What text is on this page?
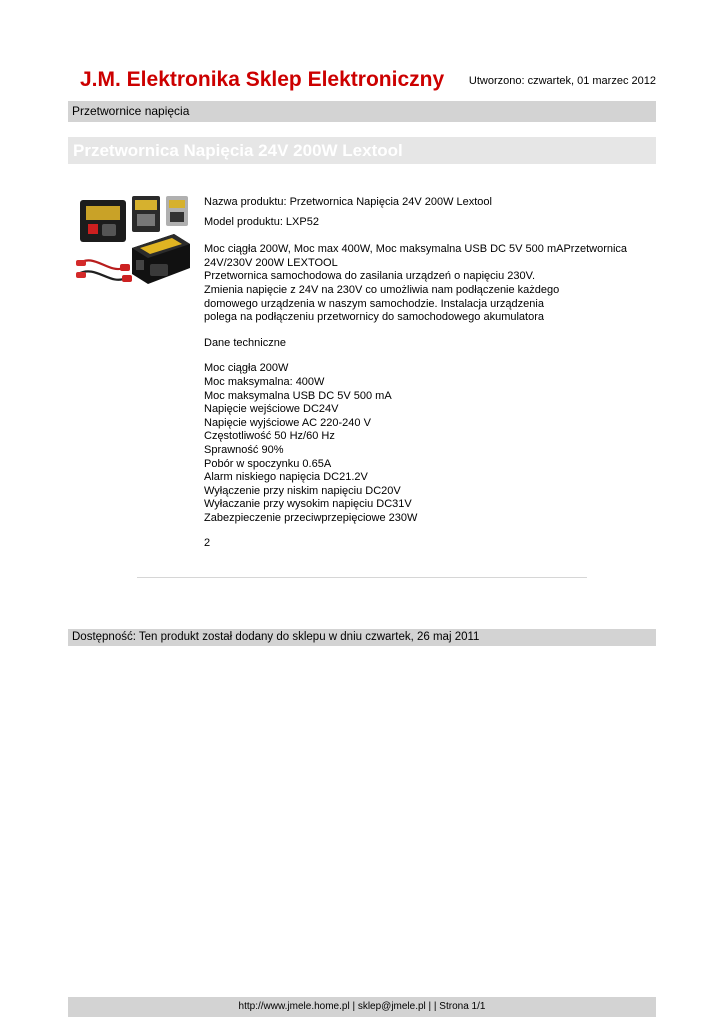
J.M. Elektronika Sklep Elektroniczny Utworzono: czwartek, 01 marzec 2012
Przetwornice napięcia
Przetwornica Napięcia 24V 200W Lextool

Nazwa produktu: Przetwornica Napięcia 24V 200W Lextool

Model produktu: LXP52

Moc ciągła 200W, Moc max 400W, Moc maksymalna USB DC 5V 500 mAPrzetwornica

24V/230V 200W LEXTOOL

Przetwornica samochodowa do zasilania urządzeń o napięciu 230V.

Zmienia napięcie z 24V na 230V co umożliwia nam podłączenie każdego

domowego urządzenia w naszym samochodzie. Instalacja urządzenia

polega na podłączeniu przetwornicy do samochodowego akumulatora

Dane techniczne

Moc ciągła 200W

Moc maksymalna: 400W

Moc maksymalna USB DC 5V 500 mA

Napięcie wejściowe DC24V

Napięcie wyjściowe AC 220-240 V

Częstotliwość 50 Hz/60 Hz

Sprawność 90%

Pobór w spoczynku 0.65A

Alarm niskiego napięcia DC21.2V

Wyłączenie przy niskim napięciu DC20V

Wyłaczanie przy wysokim napięciu DC31V

Zabezpieczenie przeciwprzepięciowe 230W

2

Dostępność: Ten produkt został dodany do sklepu w dniu czwartek, 26 maj 2011
http://www.jmele.home.pl | sklep@jmele.pl | | Strona 1/1
